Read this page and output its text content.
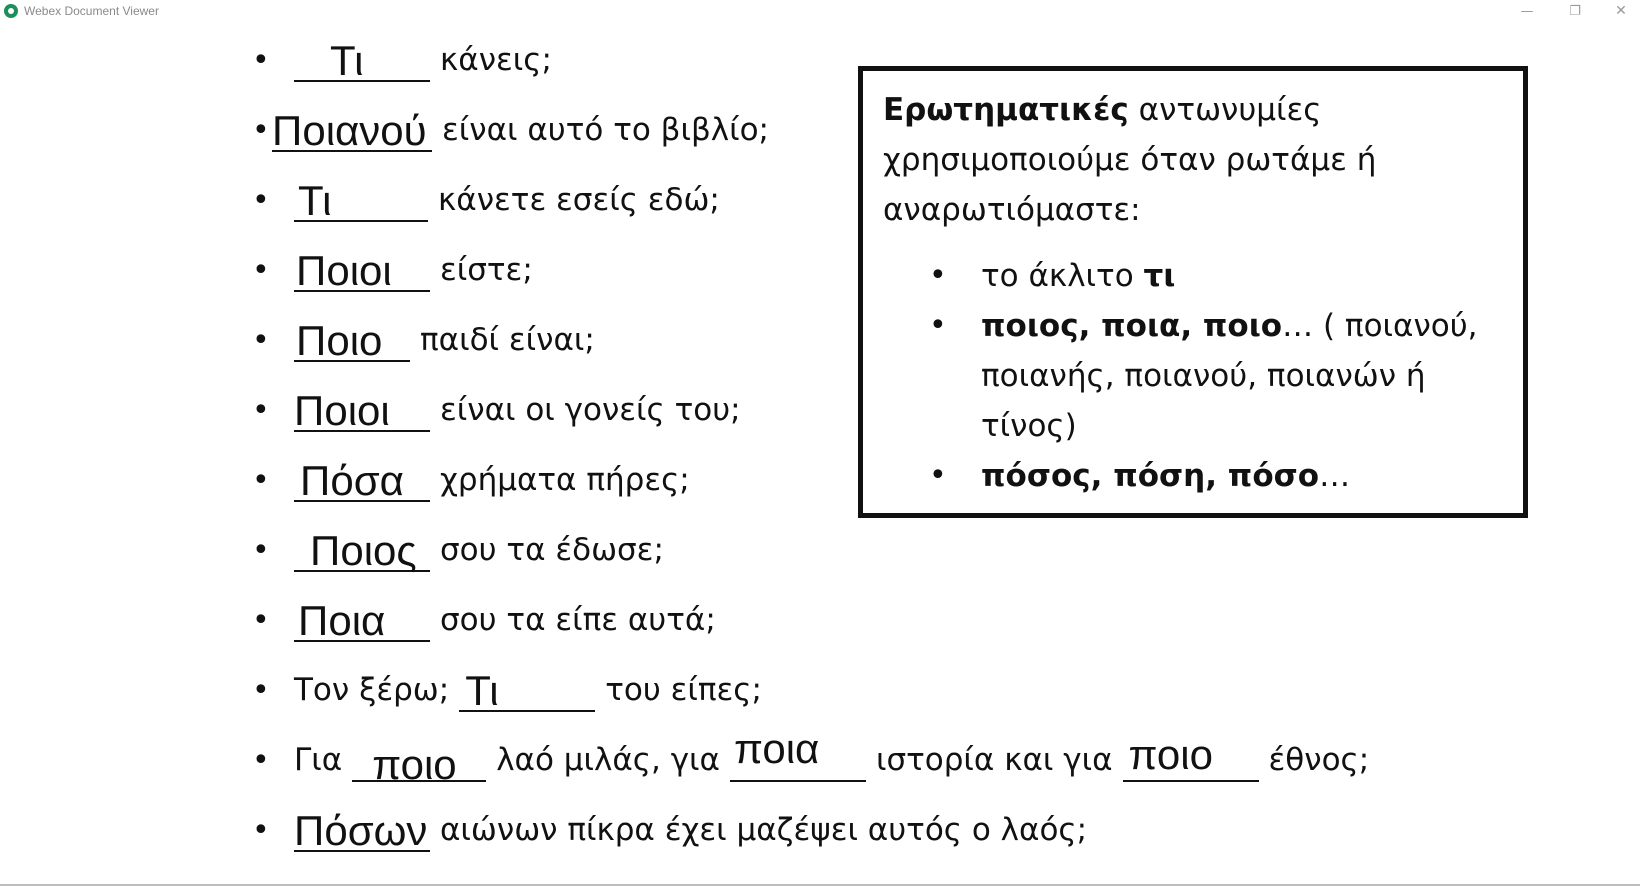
Webex Document Viewer	—	❐	✕
•	Τι κάνεις;
• Ποιανού είναι αυτό το βιβλίο;
• Τι	κάνετε εσείς εδώ;
• Ποιοι είστε;
• Ποιο παιδί είναι;
• Ποιοι είναι οι γονείς του;
• Πόσα χρήματα πήρες;
• Ποιος σου τα έδωσε;
• Ποια σου τα είπε αυτά;
• Τον ξέρω; Τι	του είπες;
• Για ποιο λαό μιλάς, για ποια ιστορία και για ποιο έθνος;
• Πόσων αιώνων πίκρα έχει μαζέψει αυτός ο λαός;
Ερωτηματικές αντωνυμίες χρησιμοποιούμε όταν ρωτάμε ή αναρωτιόμαστε:
• το άκλιτο τι
• ποιος, ποια, ποιο… ( ποιανού, ποιανής, ποιανού, ποιανών ή τίνος)
• πόσος, πόση, πόσο…
